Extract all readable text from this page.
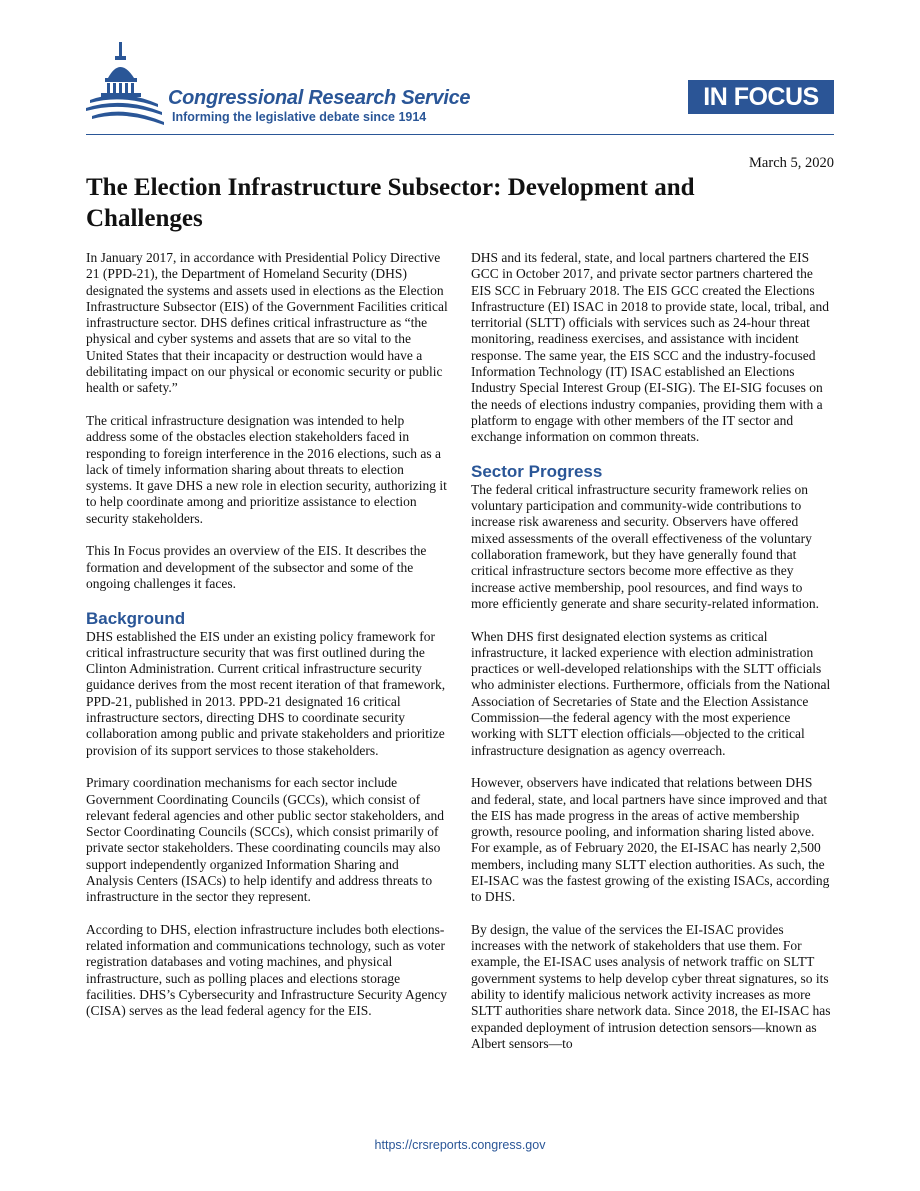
Congressional Research Service
Informing the legislative debate since 1914
IN FOCUS
March 5, 2020
The Election Infrastructure Subsector: Development and Challenges

In January 2017, in accordance with Presidential Policy Directive 21 (PPD-21), the Department of Homeland Security (DHS) designated the systems and assets used in elections as the Election Infrastructure Subsector (EIS) of the Government Facilities critical infrastructure sector. DHS defines critical infrastructure as “the physical and cyber systems and assets that are so vital to the United States that their incapacity or destruction would have a debilitating impact on our physical or economic security or public health or safety.”

The critical infrastructure designation was intended to help address some of the obstacles election stakeholders faced in responding to foreign interference in the 2016 elections, such as a lack of timely information sharing about threats to election systems. It gave DHS a new role in election security, authorizing it to help coordinate among and prioritize assistance to election security stakeholders.

This In Focus provides an overview of the EIS. It describes the formation and development of the subsector and some of the ongoing challenges it faces.

Background

DHS established the EIS under an existing policy framework for critical infrastructure security that was first outlined during the Clinton Administration. Current critical infrastructure security guidance derives from the most recent iteration of that framework, PPD-21, published in 2013. PPD-21 designated 16 critical infrastructure sectors, directing DHS to coordinate security collaboration among public and private stakeholders and prioritize provision of its support services to those stakeholders.

Primary coordination mechanisms for each sector include Government Coordinating Councils (GCCs), which consist of relevant federal agencies and other public sector stakeholders, and Sector Coordinating Councils (SCCs), which consist primarily of private sector stakeholders. These coordinating councils may also support independently organized Information Sharing and Analysis Centers (ISACs) to help identify and address threats to infrastructure in the sector they represent.

According to DHS, election infrastructure includes both elections-related information and communications technology, such as voter registration databases and voting machines, and physical infrastructure, such as polling places and elections storage facilities. DHS’s Cybersecurity and Infrastructure Security Agency (CISA) serves as the lead federal agency for the EIS.

DHS and its federal, state, and local partners chartered the EIS GCC in October 2017, and private sector partners chartered the EIS SCC in February 2018. The EIS GCC created the Elections Infrastructure (EI) ISAC in 2018 to provide state, local, tribal, and territorial (SLTT) officials with services such as 24-hour threat monitoring, readiness exercises, and assistance with incident response. The same year, the EIS SCC and the industry-focused Information Technology (IT) ISAC established an Elections Industry Special Interest Group (EI-SIG). The EI-SIG focuses on the needs of elections industry companies, providing them with a platform to engage with other members of the IT sector and exchange information on common threats.

Sector Progress

The federal critical infrastructure security framework relies on voluntary participation and community-wide contributions to increase risk awareness and security. Observers have offered mixed assessments of the overall effectiveness of the voluntary collaboration framework, but they have generally found that critical infrastructure sectors become more effective as they increase active membership, pool resources, and find ways to more efficiently generate and share security-related information.

When DHS first designated election systems as critical infrastructure, it lacked experience with election administration practices or well-developed relationships with the SLTT officials who administer elections. Furthermore, officials from the National Association of Secretaries of State and the Election Assistance Commission—the federal agency with the most experience working with SLTT election officials—objected to the critical infrastructure designation as agency overreach.

However, observers have indicated that relations between DHS and federal, state, and local partners have since improved and that the EIS has made progress in the areas of active membership growth, resource pooling, and information sharing listed above. For example, as of February 2020, the EI-ISAC has nearly 2,500 members, including many SLTT election authorities. As such, the EI-ISAC was the fastest growing of the existing ISACs, according to DHS.

By design, the value of the services the EI-ISAC provides increases with the network of stakeholders that use them. For example, the EI-ISAC uses analysis of network traffic on SLTT government systems to help develop cyber threat signatures, so its ability to identify malicious network activity increases as more SLTT authorities share network data. Since 2018, the EI-ISAC has expanded deployment of intrusion detection sensors—known as Albert sensors—to

https://crsreports.congress.gov
